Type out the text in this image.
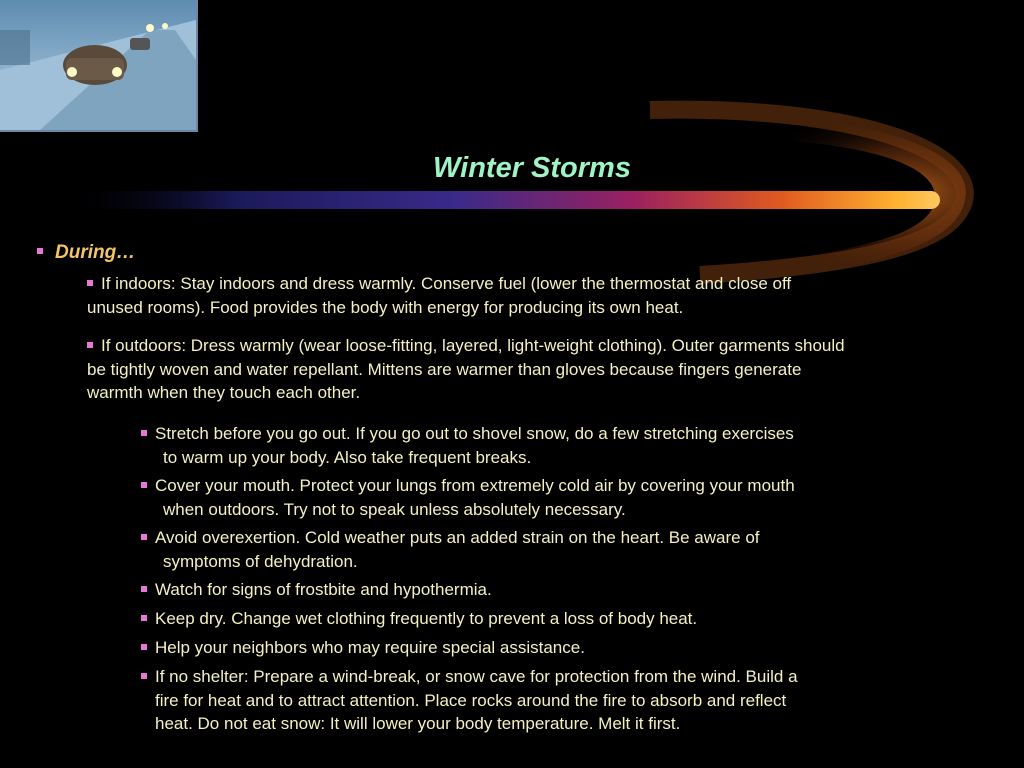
Winter Storms
During…

If indoors: Stay indoors and dress warmly. Conserve fuel (lower the thermostat and close off
unused rooms). Food provides the body with energy for producing its own heat.

If outdoors: Dress warmly (wear loose-fitting, layered, light-weight clothing). Outer garments should
be tightly woven and water repellant. Mittens are warmer than gloves because fingers generate
warmth when they touch each other.

Stretch before you go out. If you go out to shovel snow, do a few stretching exercises
to warm up your body. Also take frequent breaks.

Cover your mouth. Protect your lungs from extremely cold air by covering your mouth
when outdoors. Try not to speak unless absolutely necessary.

Avoid overexertion. Cold weather puts an added strain on the heart. Be aware of
symptoms of dehydration.

Watch for signs of frostbite and hypothermia.

Keep dry. Change wet clothing frequently to prevent a loss of body heat.

Help your neighbors who may require special assistance.

If no shelter: Prepare a wind-break, or snow cave for protection from the wind. Build a
fire for heat and to attract attention. Place rocks around the fire to absorb and reflect
heat. Do not eat snow: It will lower your body temperature. Melt it first.
